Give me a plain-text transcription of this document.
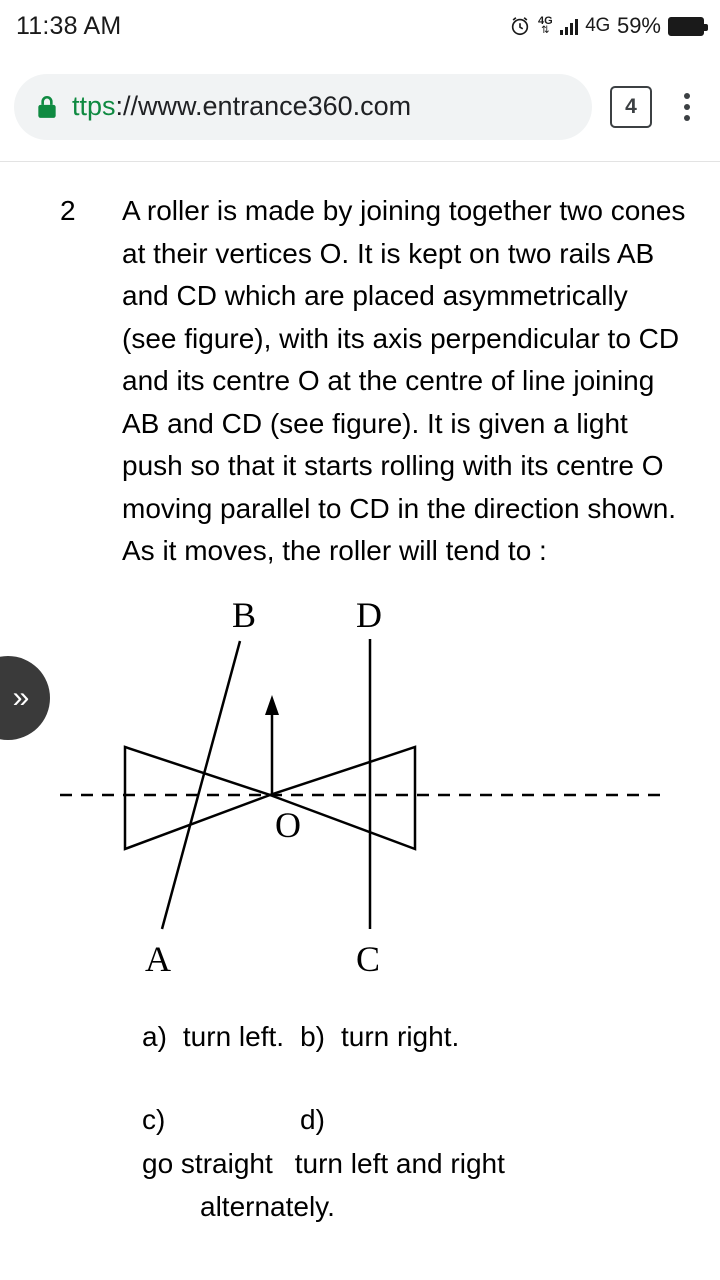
11:38 AM	4G
⇅ 4G 59%
ttps://www.entrance360.com	4
»
2	A roller is made by joining together two cones at their vertices O. It is kept on two rails AB and CD which are placed asymmetrically (see figure), with its axis perpendicular to CD and its centre O at the centre of line joining AB and CD (see figure). It is given a light push so that it starts rolling with its centre O moving parallel to CD in the direction shown. As it moves, the roller will tend to :
B	D
O
A	C
a) turn left. b) turn right.
c)	d)
go straight turn left and right
alternately.
